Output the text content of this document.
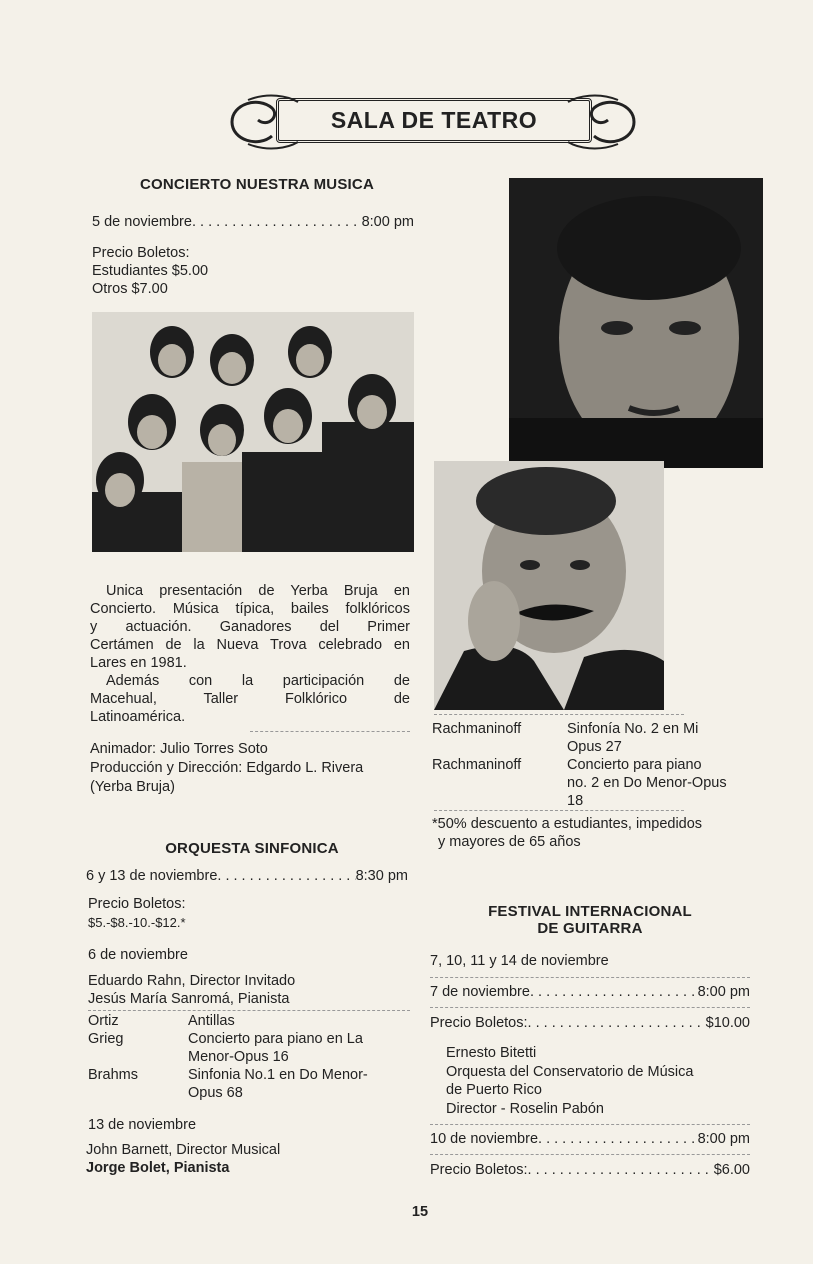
SALA DE TEATRO
CONCIERTO NUESTRA MUSICA
5 de noviembre . . .	8:00 pm
Precio Boletos:
Estudiantes $5.00
Otros $7.00
Unica presentación de Yerba Bruja en
Concierto. Música típica, bailes folklóricos
y actuación. Ganadores del Primer
Certámen de la Nueva Trova celebrado en
Lares en 1981.
Además con la participación de
Macehual, Taller Folklórico de
Latinoamérica.
Animador: Julio Torres Soto
Producción y Dirección: Edgardo L. Rivera
(Yerba Bruja)
ORQUESTA SINFONICA
6 y 13 de noviembre . . .	8:30 pm
Precio Boletos:
$5.-$8.-10.-$12.*
6 de noviembre
Eduardo Rahn, Director Invitado
Jesús María Sanromá, Pianista
Ortiz	Antillas
Grieg	Concierto para piano en La
Menor-Opus 16
Brahms	Sinfonia No.1 en Do Menor-
Opus 68
13 de noviembre
John Barnett, Director Musical
Jorge Bolet, Pianista
Rachmaninoff	Sinfonía No. 2 en Mi
Opus 27
Rachmaninoff	Concierto para piano
no. 2 en Do Menor-Opus
18
*50% descuento a estudiantes, impedidos
y mayores de 65 años
FESTIVAL INTERNACIONAL
DE GUITARRA
7, 10, 11 y 14 de noviembre
7 de noviembre . . .	8:00 pm
Precio Boletos: . . .	$10.00
Ernesto Bitetti
Orquesta del Conservatorio de Música
de Puerto Rico
Director - Roselin Pabón
10 de noviembre . . .	8:00 pm
Precio Boletos: . . .	$6.00
15
